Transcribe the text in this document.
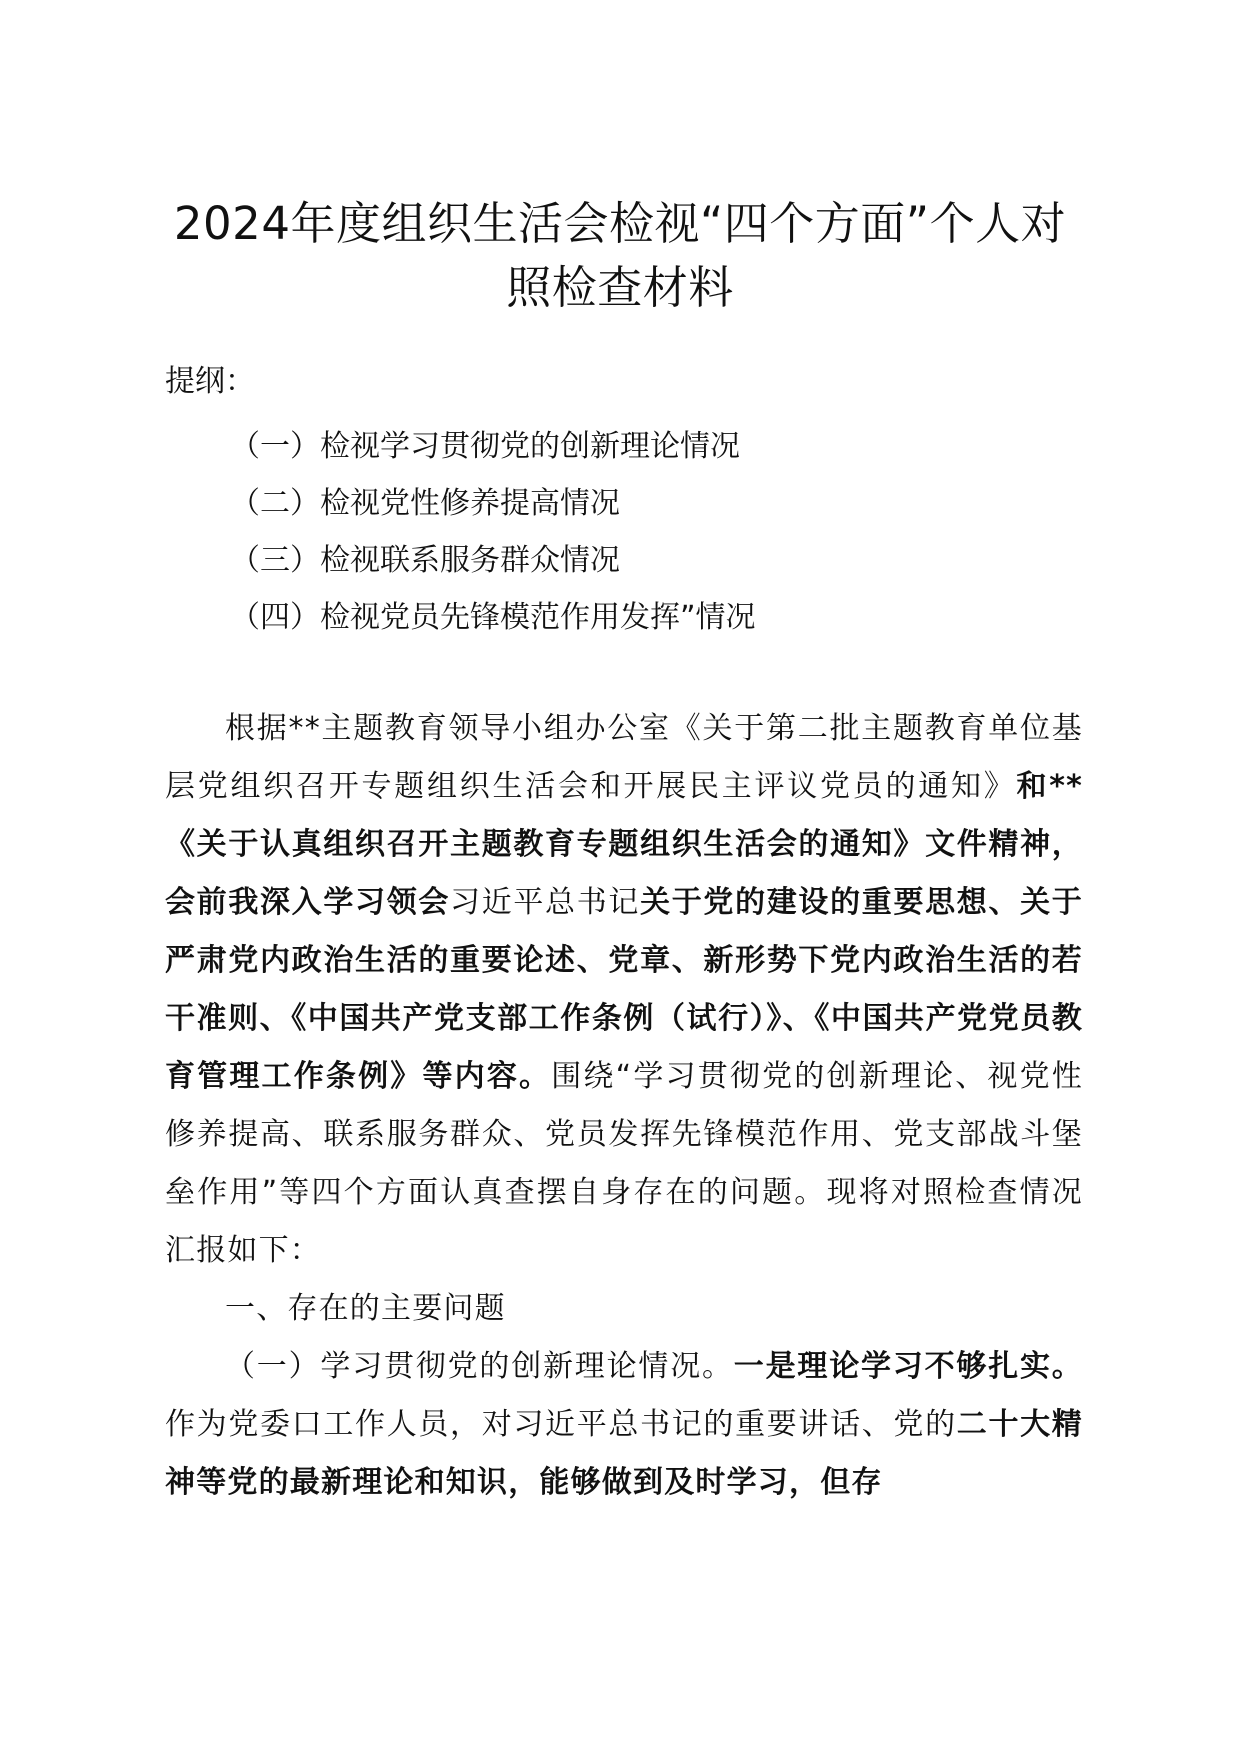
2024年度组织生活会检视“四个方面”个人对
照检查材料
提纲：
（一）检视学习贯彻党的创新理论情况
（二）检视党性修养提高情况
（三）检视联系服务群众情况
（四）检视党员先锋模范作用发挥”情况

根据**主题教育领导小组办公室《关于第二批主题教育单位基层党组织召开专题组织生活会和开展民主评议党员的通知》和**《关于认真组织召开主题教育专题组织生活会的通知》文件精神，会前我深入学习领会习近平总书记关于党的建设的重要思想、关于严肃党内政治生活的重要论述、党章、新形势下党内政治生活的若干准则、《中国共产党支部工作条例（试行）》、《中国共产党党员教育管理工作条例》等内容。围绕“学习贯彻党的创新理论、视党性修养提高、联系服务群众、党员发挥先锋模范作用、党支部战斗堡垒作用”等四个方面认真查摆自身存在的问题。现将对照检查情况汇报如下：

一、存在的主要问题

（一）学习贯彻党的创新理论情况。一是理论学习不够扎实。作为党委口工作人员，对习近平总书记的重要讲话、党的二十大精神等党的最新理论和知识，能够做到及时学习，但存
